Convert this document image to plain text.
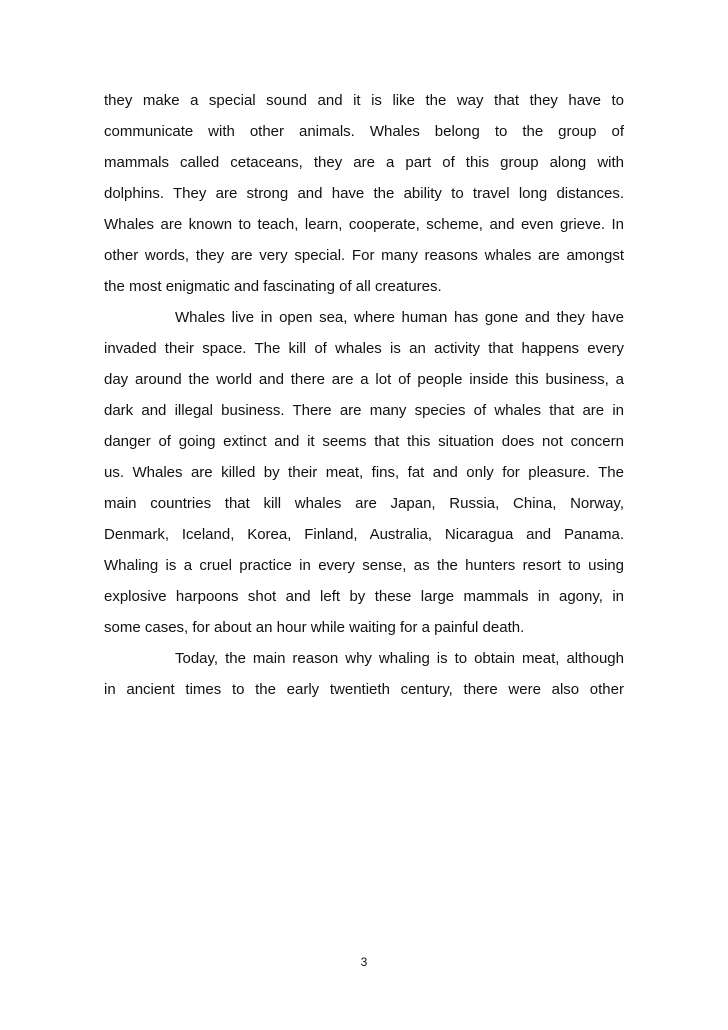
they make a special sound and it is like the way that they have to
communicate with other animals. Whales belong to the group of
mammals called cetaceans, they are a part of this group along with
dolphins. They are strong and have the ability to travel long distances.
Whales are known to teach, learn, cooperate, scheme, and even grieve. In
other words, they are very special. For many reasons whales are amongst
the most enigmatic and fascinating of all creatures.
Whales live in open sea, where human has gone and they have
invaded their space. The kill of whales is an activity that happens every
day around the world and there are a lot of people inside this business, a
dark and illegal business. There are many species of whales that are in
danger of going extinct and it seems that this situation does not concern
us. Whales are killed by their meat, fins, fat and only for pleasure. The
main countries that kill whales are Japan, Russia, China, Norway,
Denmark, Iceland, Korea, Finland, Australia, Nicaragua and Panama.
Whaling is a cruel practice in every sense, as the hunters resort to using
explosive harpoons shot and left by these large mammals in agony, in
some cases, for about an hour while waiting for a painful death.
Today, the main reason why whaling is to obtain meat, although
in ancient times to the early twentieth century, there were also other
3
